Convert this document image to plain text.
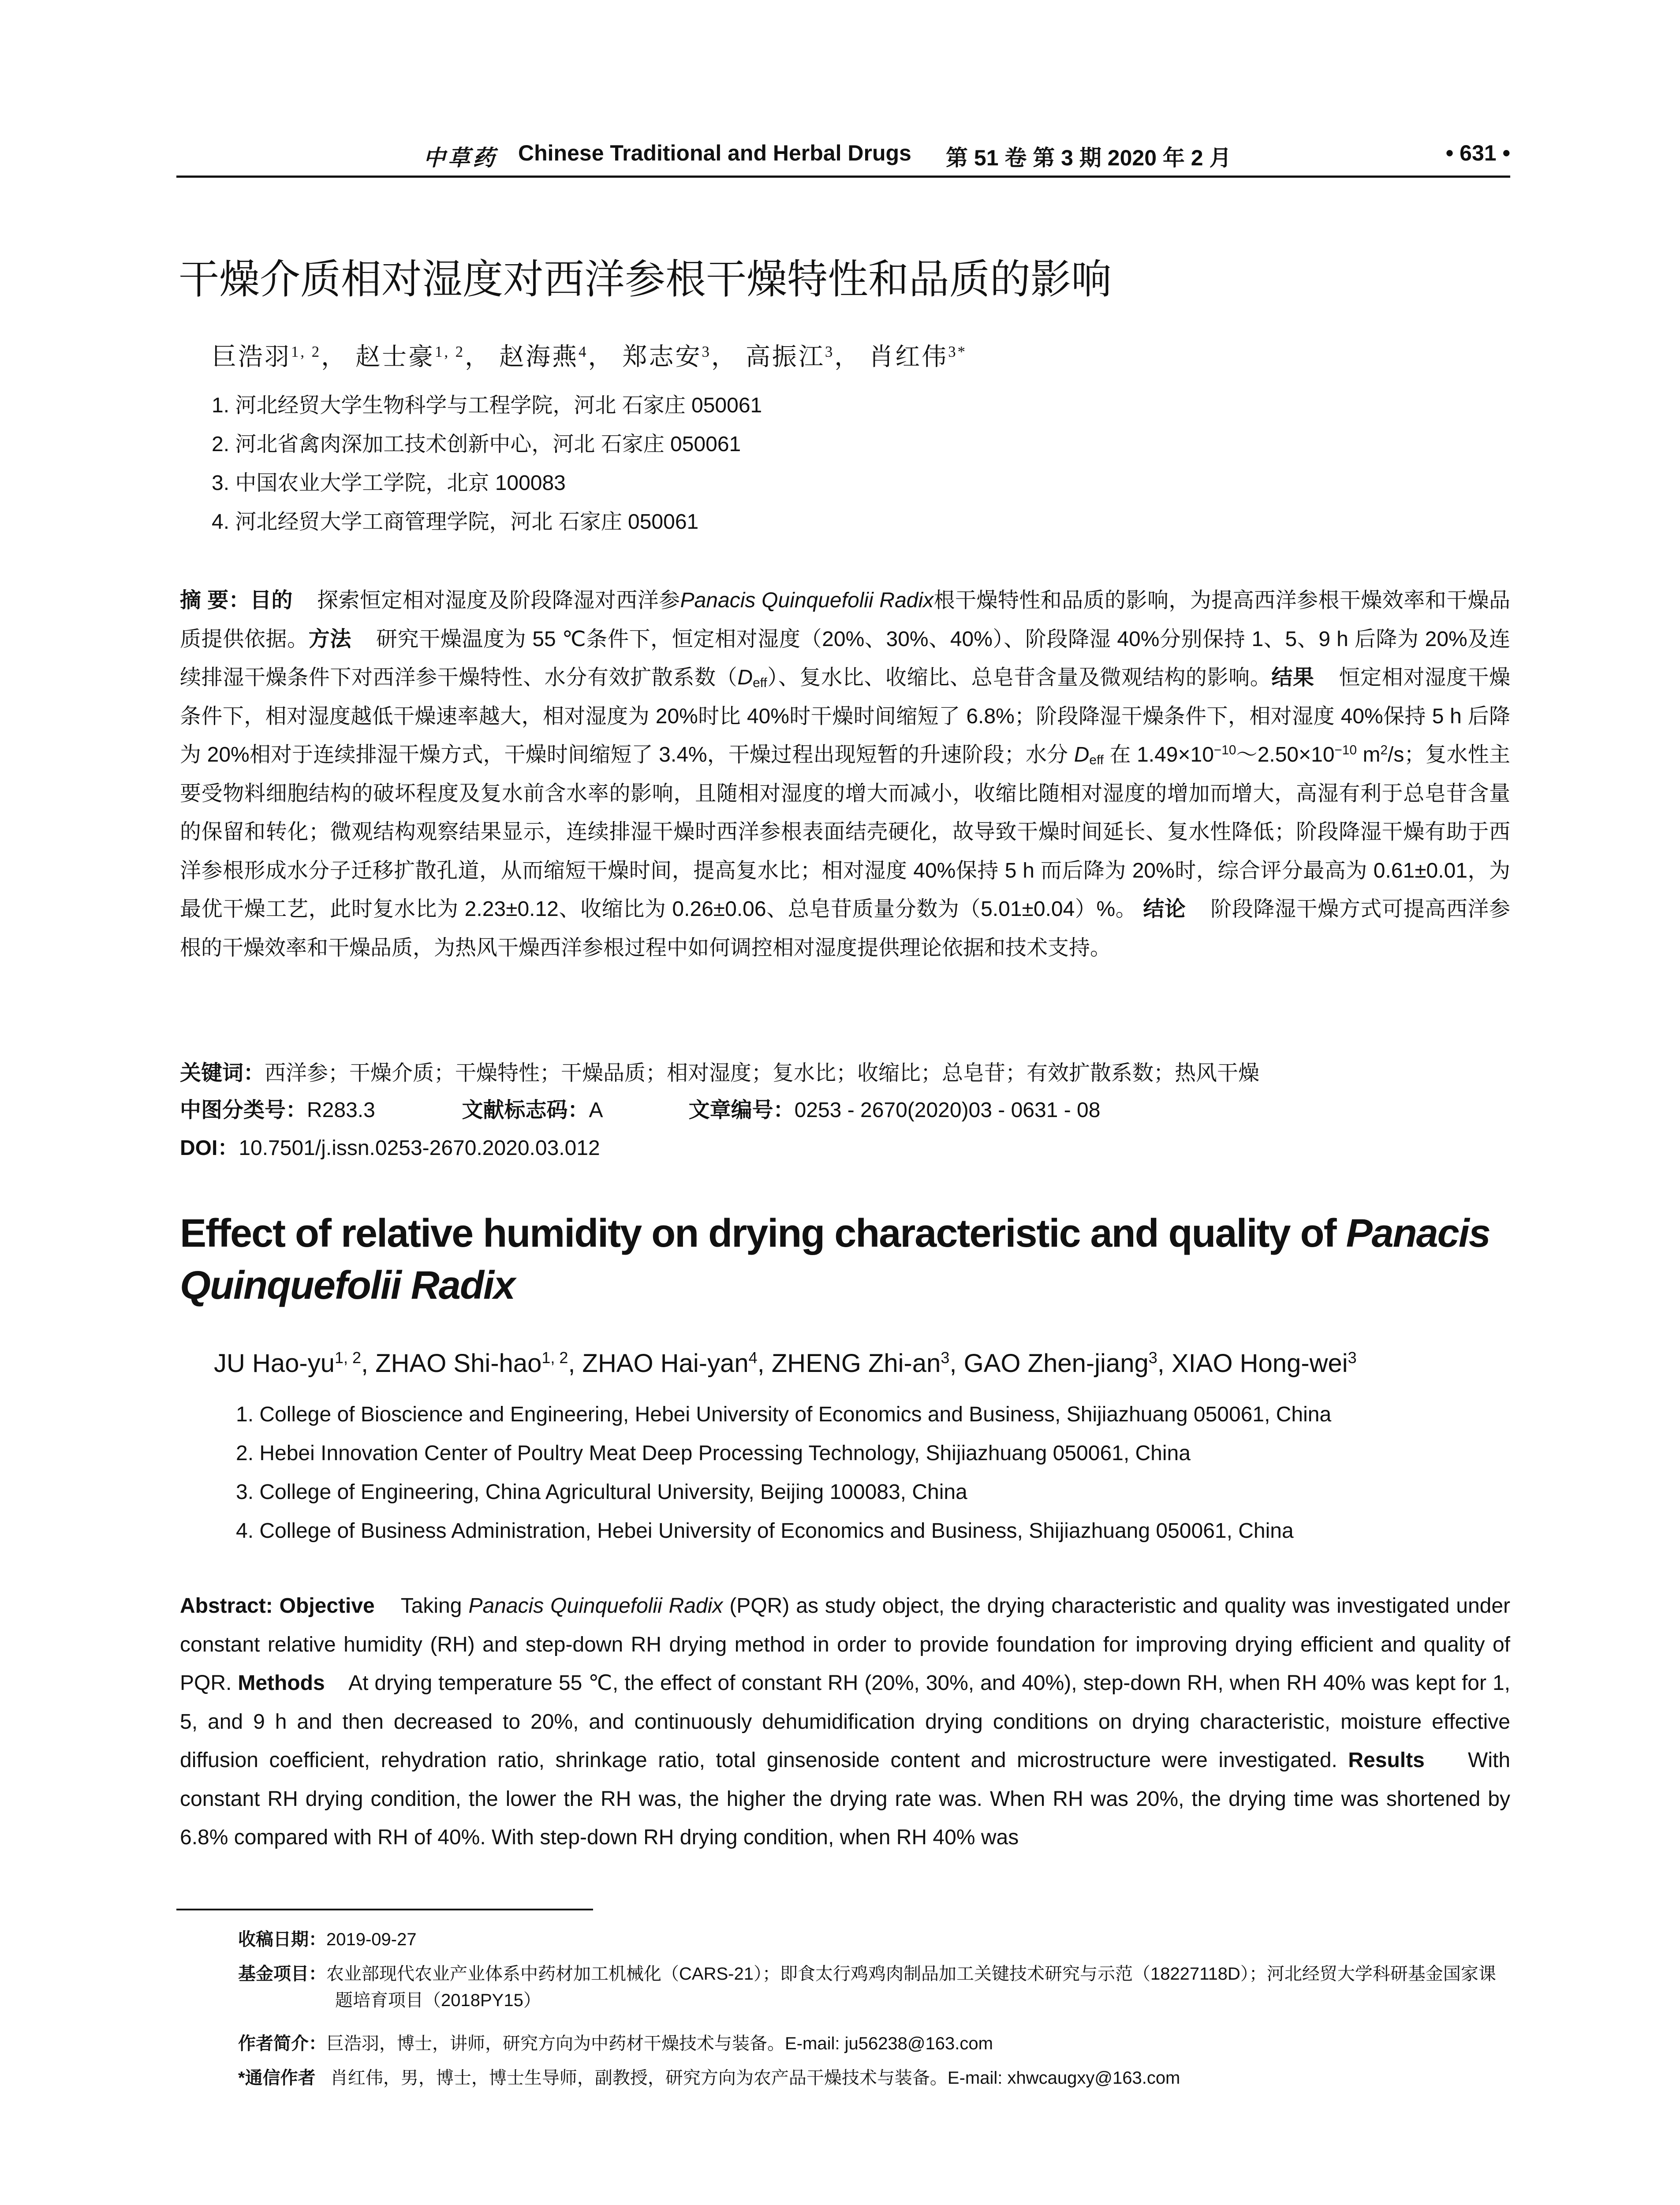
中草药 Chinese Traditional and Herbal Drugs 第 51 卷 第 3 期 2020 年 2 月	• 631 •
干燥介质相对湿度对西洋参根干燥特性和品质的影响
巨浩羽$^{1, 2}$， 赵士豪$^{1, 2}$， 赵海燕$^4$， 郑志安$^3$， 高振江$^3$， 肖红伟$^{3*}$
1. 河北经贸大学生物科学与工程学院，河北 石家庄 050061
2. 河北省禽肉深加工技术创新中心，河北 石家庄 050061
3. 中国农业大学工学院，北京 100083
4. 河北经贸大学工商管理学院，河北 石家庄 050061
摘 要：目的 探索恒定相对湿度及阶段降湿对西洋参Panacis Quinquefolii Radix根干燥特性和品质的影响，为提高西洋参根干燥效率和干燥品质提供依据。方法 研究干燥温度为 55 ℃条件下，恒定相对湿度（20%、30%、40%）、阶段降湿 40%分别保持 1、5、9 h 后降为 20%及连续排湿干燥条件下对西洋参干燥特性、水分有效扩散系数$(D_{eff})$、复水比、收缩比、总皂苷含量及微观结构的影响。结果 恒定相对湿度干燥条件下，相对湿度越低干燥速率越大，相对湿度为 20%时比 40%时干燥时间缩短了 6.8%；阶段降湿干燥条件下，相对湿度 40%保持 5 h 后降为 20%相对于连续排湿干燥方式，干燥时间缩短了 3.4%，干燥过程出现短暂的升速阶段；水分 $D_{eff}$ 在 $1.49\times 10^{-10}\sim 2.50\times 10^{-10}$ $m^2/s$；复水性主要受物料细胞结构的破坏程度及复水前含水率的影响，且随相对湿度的增大而减小，收缩比随相对湿度的增加而增大，高湿有利于总皂苷含量的保留和转化；微观结构观察结果显示，连续排湿干燥时西洋参根表面结壳硬化，故导致干燥时间延长、复水性降低；阶段降湿干燥有助于西洋参根形成水分子迁移扩散孔道，从而缩短干燥时间，提高复水比；相对湿度 40%保持 5 h 而后降为 20%时，综合评分最高为 0.61±0.01，为最优干燥工艺，此时复水比为 2.23±0.12、收缩比为 0.26±0.06、总皂苷质量分数为（5.01±0.04）%。 结论 阶段降湿干燥方式可提高西洋参根的干燥效率和干燥品质，为热风干燥西洋参根过程中如何调控相对湿度提供理论依据和技术支持。
关键词：西洋参；干燥介质；干燥特性；干燥品质；相对湿度；复水比；收缩比；总皂苷；有效扩散系数；热风干燥
中图分类号：R283.3	文献标志码：A	文章编号：0253 - 2670(2020)03 - 0631 - 08
DOI：10.7501/j.issn.0253-2670.2020.03.012
Effect of relative humidity on drying characteristic and quality of Panacis Quinquefolii Radix
JU Hao-yu$^{1, 2}$, ZHAO Shi-hao$^{1, 2}$, ZHAO Hai-yan$^4$, ZHENG Zhi-$an^3$, GAO Zhen-jiang$^3$, XIAO Hong-wei$^3$
1. College of Bioscience and Engineering, Hebei University of Economics and Business, Shijiazhuang 050061, China
2. Hebei Innovation Center of Poultry Meat Deep Processing Technology, Shijiazhuang 050061, China
3. College of Engineering, China Agricultural University, Beijing 100083, China
4. College of Business Administration, Hebei University of Economics and Business, Shijiazhuang 050061, China
Abstract: Objective Taking Panacis Quinquefolii Radix (PQR) as study object, the drying characteristic and quality was investigated under constant relative humidity (RH) and step-down RH drying method in order to provide foundation for improving drying efficient and quality of PQR. Methods At drying temperature 55 ℃, the effect of constant RH (20%, 30%, and 40%), step-down RH, when RH 40% was kept for 1, 5, and 9 h and then decreased to 20%, and continuously dehumidification drying conditions on drying characteristic, moisture effective diffusion coefficient, rehydration ratio, shrinkage ratio, total ginsenoside content and microstructure were investigated. Results With constant RH drying condition, the lower the RH was, the higher the drying rate was. When RH was 20%, the drying time was shortened by 6.8% compared with RH of 40%. With step-down RH drying condition, when RH 40% was
收稿日期：2019-09-27
基金项目：农业部现代农业产业体系中药材加工机械化（CARS-21）；即食太行鸡鸡肉制品加工关键技术研究与示范（18227118D）；河北经贸大学科研基金国家课题培育项目（2018PY15）
作者简介：巨浩羽，博士，讲师，研究方向为中药材干燥技术与装备。E-mail: ju56238@163.com
*通信作者 肖红伟，男，博士，博士生导师，副教授，研究方向为农产品干燥技术与装备。E-mail: xhwcaugxy@163.com
